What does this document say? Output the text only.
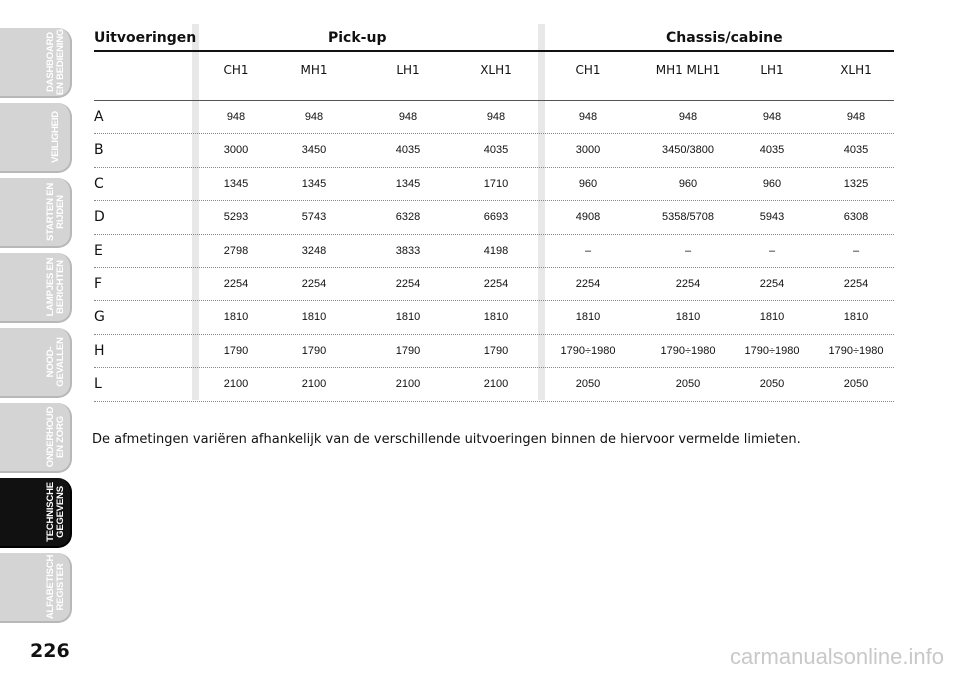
DASHBOARD EN BEDIENING
VEILIGHEID
STARTEN EN RIJDEN
LAMPJES EN BERICHTEN
NOOD-GEVALLEN
ONDERHOUD EN ZORG
TECHNISCHE GEGEVENS
ALFABETISCH REGISTER
226
Uitvoeringen	Pick-up	Chassis/cabine
CH1	MH1	LH1	XLH1	CH1	MH1 MLH1	LH1	XLH1
A	948	948	948	948	948	948	948	948
B	3000	3450	4035	4035	3000	3450/3800	4035	4035
C	1345	1345	1345	1710	960	960	960	1325
D	5293	5743	6328	6693	4908	5358/5708	5943	6308
E	2798	3248	3833	4198	–	–	–	–
F	2254	2254	2254	2254	2254	2254	2254	2254
G	1810	1810	1810	1810	1810	1810	1810	1810
H	1790	1790	1790	1790	1790÷1980	1790÷1980	1790÷1980	1790÷1980
L	2100	2100	2100	2100	2050	2050	2050	2050
De afmetingen variëren afhankelijk van de verschillende uitvoeringen binnen de hiervoor vermelde limieten.
carmanualsonline.info
